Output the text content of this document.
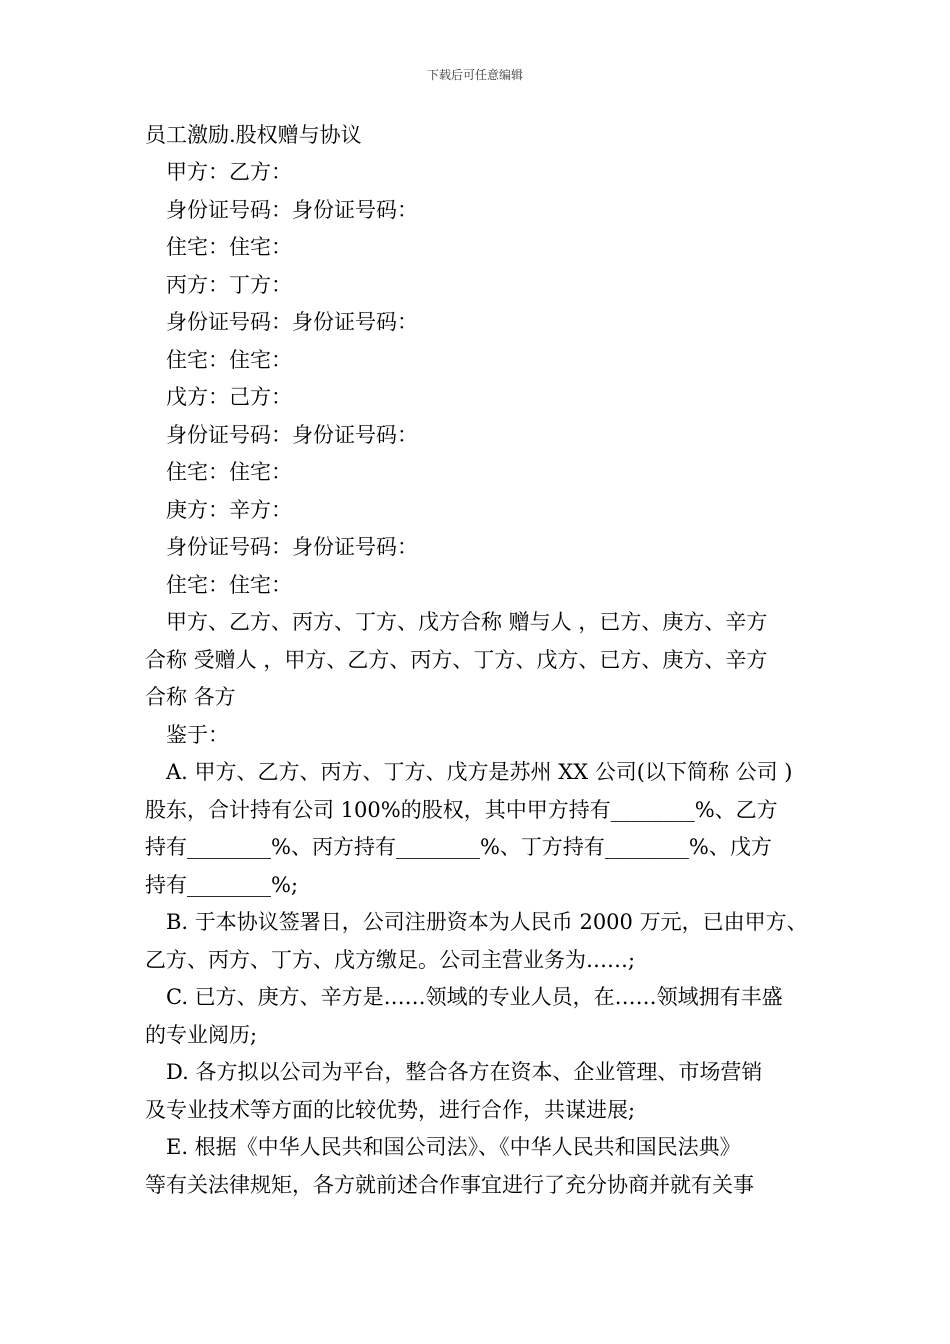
下载后可任意编辑

员工激励.股权赠与协议

甲方：乙方：

身份证号码：身份证号码：

住宅：住宅：

丙方：丁方：

身份证号码：身份证号码：

住宅：住宅：

戊方：己方：

身份证号码：身份证号码：

住宅：住宅：

庚方：辛方：

身份证号码：身份证号码：

住宅：住宅：

甲方、乙方、丙方、丁方、戊方合称 赠与人 ，已方、庚方、辛方

合称 受赠人 ，甲方、乙方、丙方、丁方、戊方、已方、庚方、辛方

合称 各方

鉴于：

A. 甲方、乙方、丙方、丁方、戊方是苏州 XX 公司(以下简称 公司 )

股东，合计持有公司 100%的股权，其中甲方持有________%、乙方

持有________%、丙方持有________%、丁方持有________%、戊方

持有________%;

B. 于本协议签署日，公司注册资本为人民币 2000 万元，已由甲方、

乙方、丙方、丁方、戊方缴足。公司主营业务为……;

C. 已方、庚方、辛方是……领域的专业人员，在……领域拥有丰盛

的专业阅历;

D. 各方拟以公司为平台，整合各方在资本、企业管理、市场营销

及专业技术等方面的比较优势，进行合作，共谋进展;

E. 根据《中华人民共和国公司法》、《中华人民共和国民法典》

等有关法律规矩，各方就前述合作事宜进行了充分协商并就有关事
